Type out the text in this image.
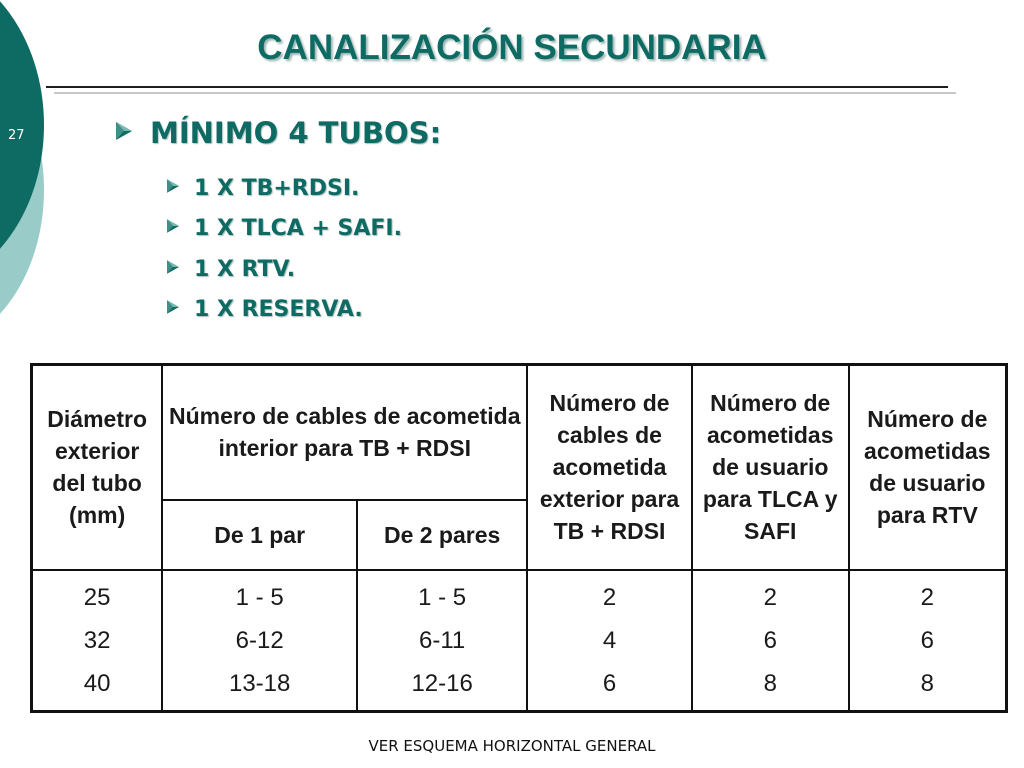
27
CANALIZACIÓN SECUNDARIA
MÍNIMO 4 TUBOS:
1 X TB+RDSI.
1 X TLCA + SAFI.
1 X RTV.
1 X RESERVA.
Diámetro exterior del tubo (mm)	Número de cables de acometida interior para TB + RDSI		Número de cables de acometida exterior para TB + RDSI	Número de acometidas de usuario para TLCA y SAFI	Número de acometidas de usuario para RTV
	De 1 par	De 2 pares			
25	1 - 5	1 - 5	2	2	2
32	6-12	6-11	4	6	6
40	13-18	12-16	6	8	8
VER ESQUEMA HORIZONTAL GENERAL
